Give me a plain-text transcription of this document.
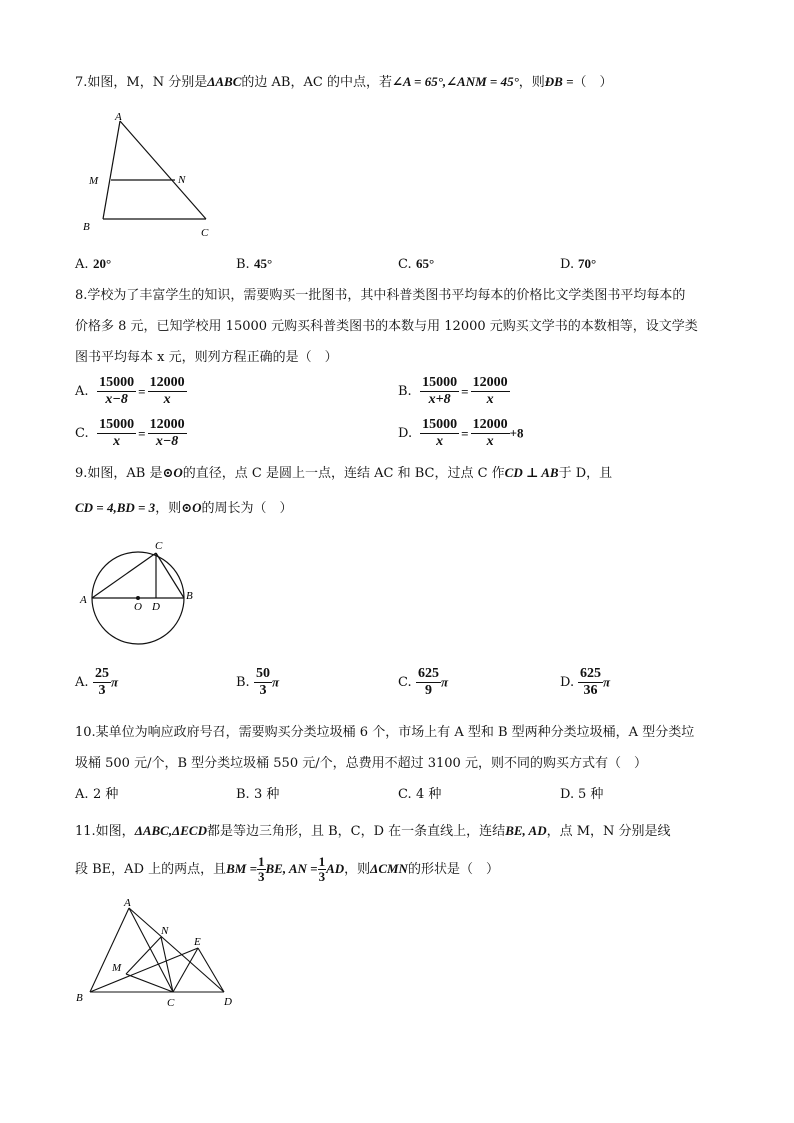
7.如图，M，N 分别是ΔABC的边 AB，AC 的中点，若∠A = 65°,∠ANM = 45°，则ÐB =（　）
A
M	N
B	C
A. 20°	B. 45°	C. 65°	D. 70°
8.学校为了丰富学生的知识，需要购买一批图书，其中科普类图书平均每本的价格比文学类图书平均每本的
价格多 8 元，已知学校用 15000 元购买科普类图书的本数与用 12000 元购买文学书的本数相等，设文学类
图书平均每本 x 元，则列方程正确的是（　）
A. $\frac{15000}{x-8} = \frac{12000}{x}$	B. $\frac{15000}{x+8} = \frac{12000}{x}$
C. $\frac{15000}{x} = \frac{12000}{x-8}$	D. $\frac{15000}{x} = \frac{12000}{x} +8$
9.如图，AB 是⊙O的直径，点 C 是圆上一点，连结 AC 和 BC，过点 C 作CD ⊥ AB于 D，且
CD = 4,BD = 3，则⊙O的周长为（　）
A	B
C
O D
A. $\frac{25}{3}$ π	B. $\frac{50}{3}$ π	C. $\frac{625}{9}$ π	D. $\frac{625}{36}$ π
10.某单位为响应政府号召，需要购买分类垃圾桶 6 个，市场上有 A 型和 B 型两种分类垃圾桶，A 型分类垃
圾桶 500 元/个，B 型分类垃圾桶 550 元/个，总费用不超过 3100 元，则不同的购买方式有（　）
A. 2 种	B. 3 种	C. 4 种	D. 5 种
11.如图，ΔABC,ΔECD都是等边三角形，且 B，C，D 在一条直线上，连结BE, AD，点 M，N 分别是线
段 BE，AD 上的两点，且BM = $\frac{1}{3}$ BE, AN = $\frac{1}{3}$ AD，则ΔCMN的形状是（　）
A
B	C	D
E
M
N
